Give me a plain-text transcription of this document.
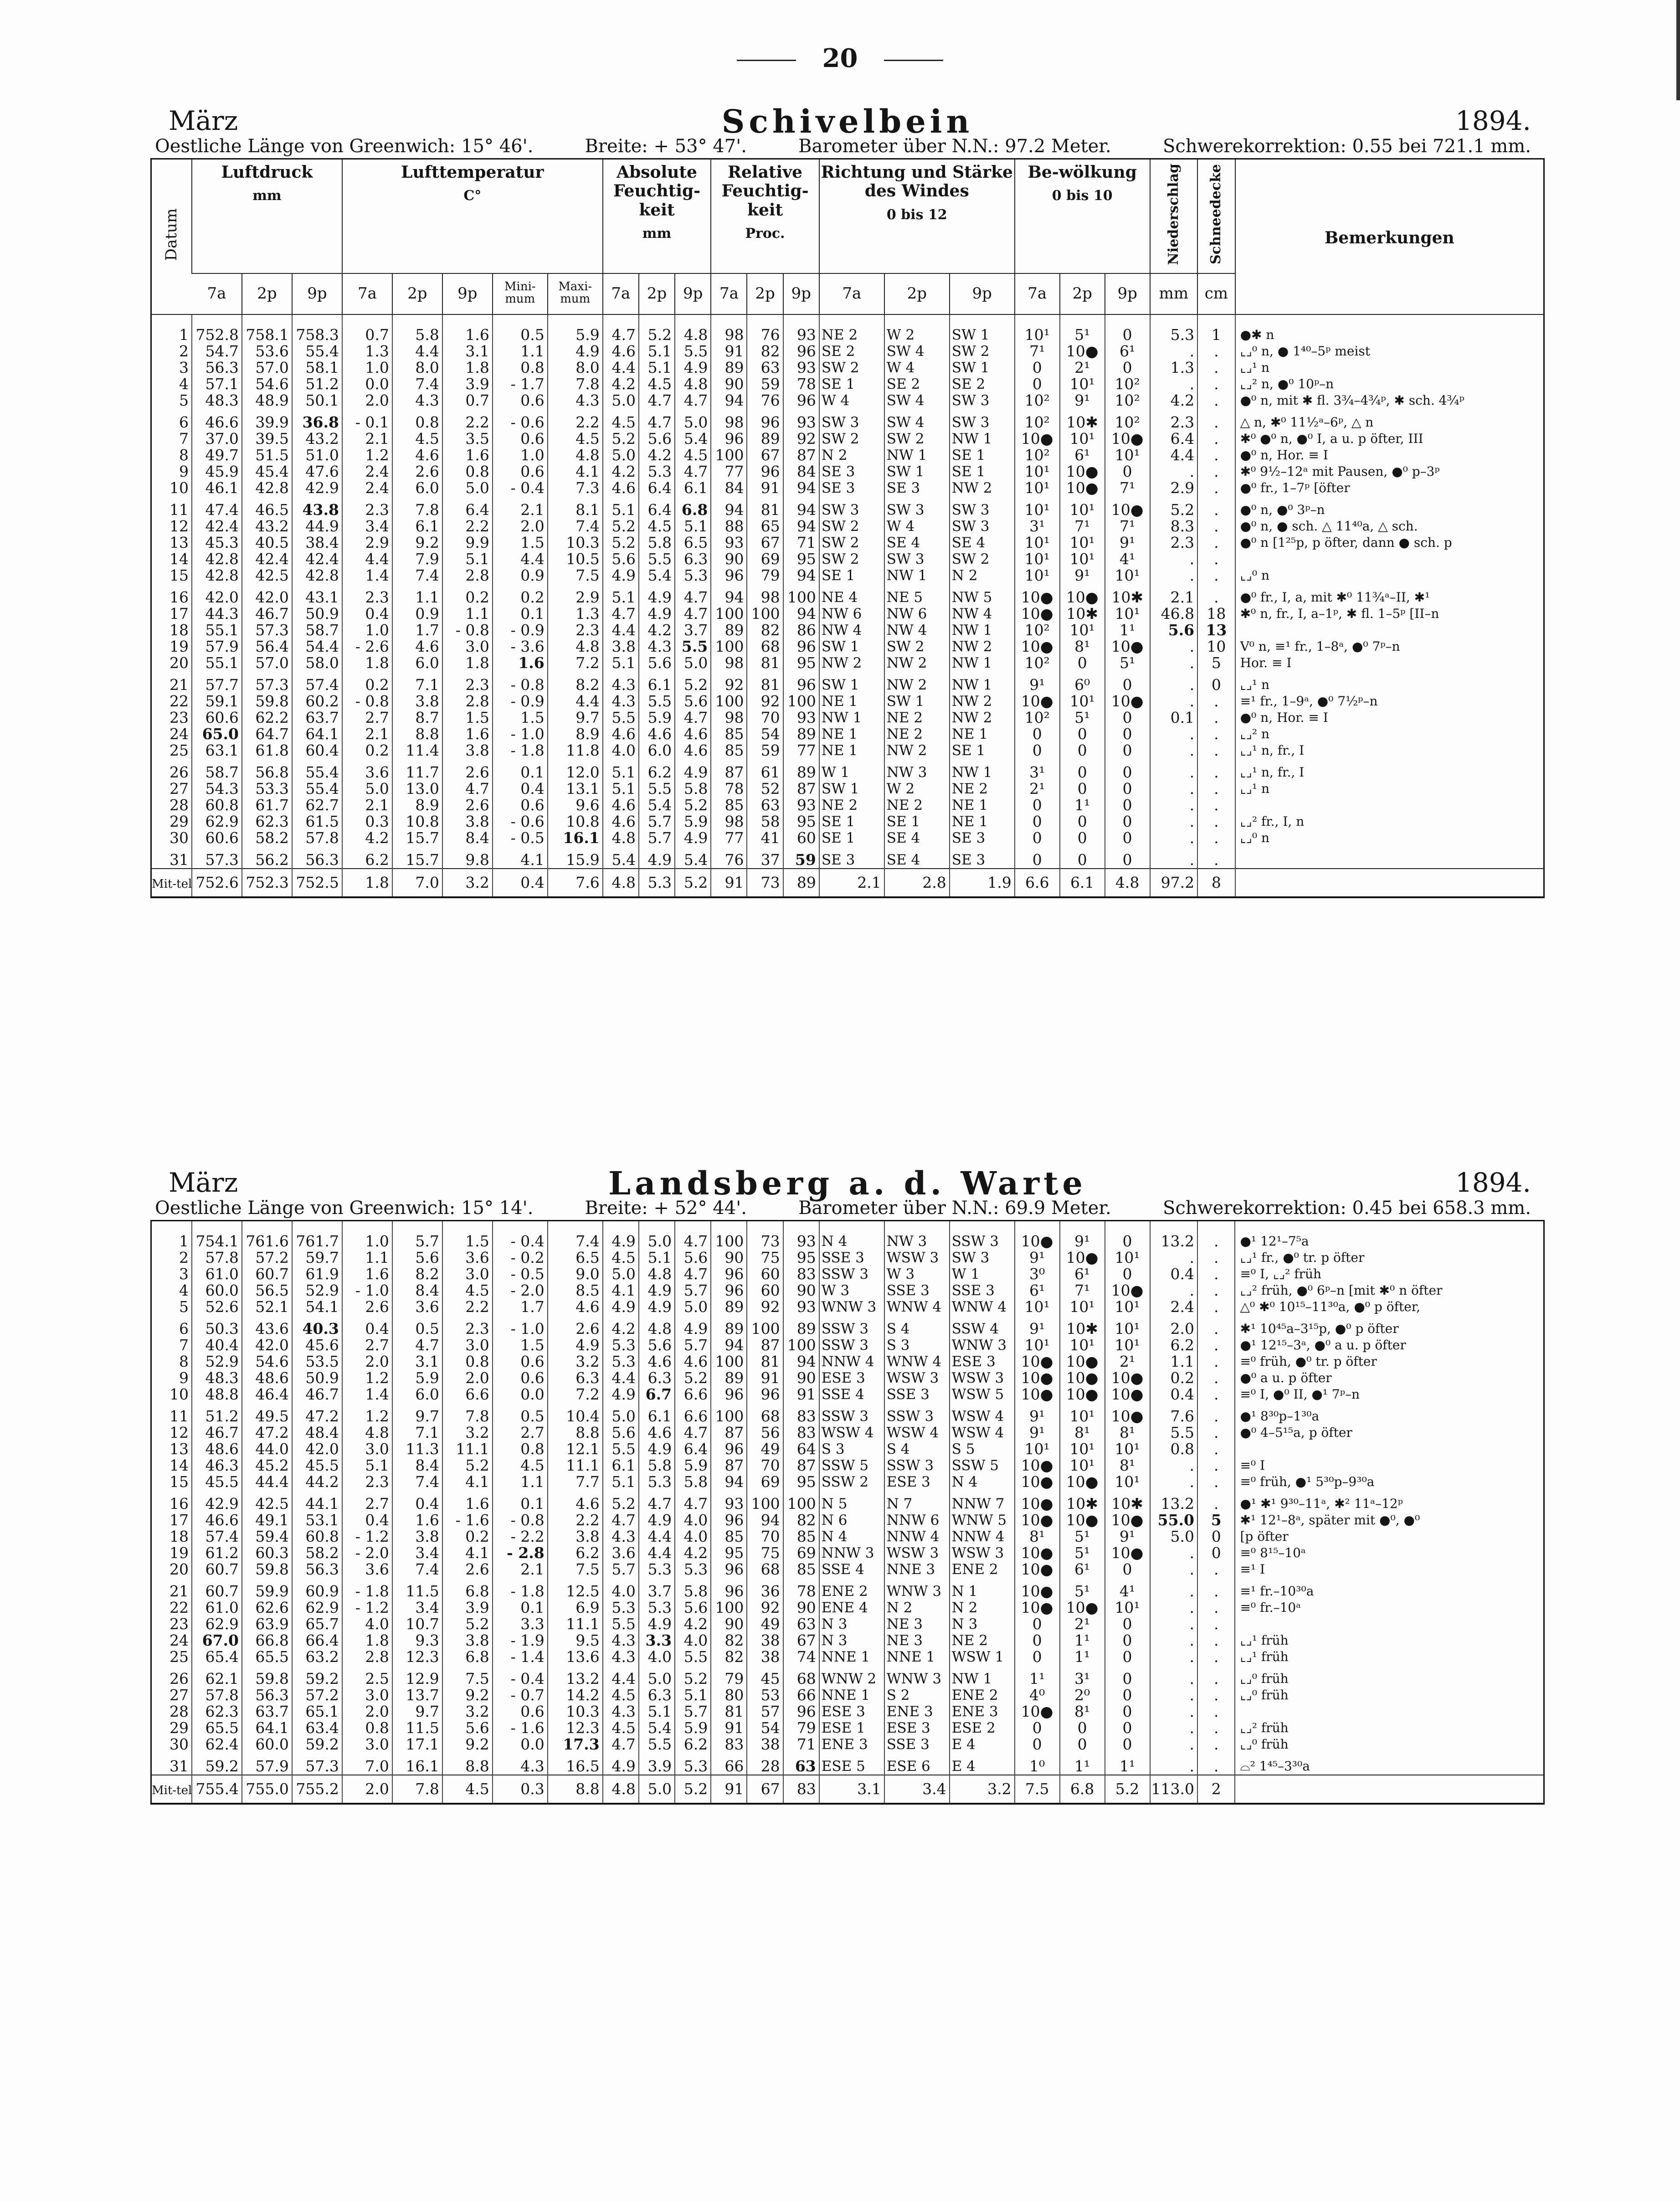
20
März	Schivelbein	1894.
Oestliche Länge von Greenwich: 15° 46'.	Breite: + 53° 47'.	Barometer über N.N.: 97.2 Meter.	Schwerekorrektion: 0.55 bei 721.1 mm.
Datum	Luftdruck
mm			Lufttemperatur
C°					Absolute Feuchtig-keit
mm			Relative Feuchtig-keit
Proc.			Richtung und Stärke des Windes
0 bis 12			Be-wölkung
0 bis 10			Niederschlag	Schneedecke	Bemerkungen
	7a	2p	9p	7a	2p	9p	Mini-mum	Maxi-mum	7a	2p	9p	7a	2p	9p	7a	2p	9p	7a	2p	9p	mm	cm	
1	752.8	758.1	758.3	0.7	5.8	1.6	0.5	5.9	4.7	5.2	4.8	98	76	93	NE 2	W 2	SW 1	10¹	5¹	0	5.3	1	●✱ n
2	54.7	53.6	55.4	1.3	4.4	3.1	1.1	4.9	4.6	5.1	5.5	91	82	96	SE 2	SW 4	SW 2	7¹	10●	6¹	.	.	⌞⌟⁰ n, ● 1⁴⁰–5ᵖ meist
3	56.3	57.0	58.1	1.0	8.0	1.8	0.8	8.0	4.4	5.1	4.9	89	63	93	SW 2	W 4	SW 1	0	2¹	0	1.3	.	⌞⌟¹ n
4	57.1	54.6	51.2	0.0	7.4	3.9	- 1.7	7.8	4.2	4.5	4.8	90	59	78	SE 1	SE 2	SE 2	0	10¹	10²	.	.	⌞⌟² n, ●⁰ 10ᵖ–n
5	48.3	48.9	50.1	2.0	4.3	0.7	0.6	4.3	5.0	4.7	4.7	94	76	96	W 4	SW 4	SW 3	10²	9¹	10²	4.2	.	●⁰ n, mit ✱ fl. 3¾–4¾ᵖ, ✱ sch. 4¾ᵖ

6	46.6	39.9	36.8	- 0.1	0.8	2.2	- 0.6	2.2	4.5	4.7	5.0	98	96	93	SW 3	SW 4	SW 3	10²	10✱	10²	2.3	.	△ n, ✱⁰ 11½ᵃ–6ᵖ, △ n
7	37.0	39.5	43.2	2.1	4.5	3.5	0.6	4.5	5.2	5.6	5.4	96	89	92	SW 2	SW 2	NW 1	10●	10¹	10●	6.4	.	✱⁰ ●⁰ n, ●⁰ I, a u. p öfter, III
8	49.7	51.5	51.0	1.2	4.6	1.6	1.0	4.8	5.0	4.2	4.5	100	67	87	N 2	NW 1	SE 1	10²	6¹	10¹	4.4	.	●⁰ n, Hor. ≡ I
9	45.9	45.4	47.6	2.4	2.6	0.8	0.6	4.1	4.2	5.3	4.7	77	96	84	SE 3	SW 1	SE 1	10¹	10●	0	.	.	✱⁰ 9½–12ᵃ mit Pausen, ●⁰ p–3ᵖ
10	46.1	42.8	42.9	2.4	6.0	5.0	- 0.4	7.3	4.6	6.4	6.1	84	91	94	SE 3	SE 3	NW 2	10¹	10●	7¹	2.9	.	●⁰ fr., 1–7ᵖ [öfter

11	47.4	46.5	43.8	2.3	7.8	6.4	2.1	8.1	5.1	6.4	6.8	94	81	94	SW 3	SW 3	SW 3	10¹	10¹	10●	5.2	.	●⁰ n, ●⁰ 3ᵖ–n
12	42.4	43.2	44.9	3.4	6.1	2.2	2.0	7.4	5.2	4.5	5.1	88	65	94	SW 2	W 4	SW 3	3¹	7¹	7¹	8.3	.	●⁰ n, ● sch. △ 11⁴⁰a, △ sch.
13	45.3	40.5	38.4	2.9	9.2	9.9	1.5	10.3	5.2	5.8	6.5	93	67	71	SW 2	SE 4	SE 4	10¹	10¹	9¹	2.3	.	●⁰ n [1²⁵p, p öfter, dann ● sch. p
14	42.8	42.4	42.4	4.4	7.9	5.1	4.4	10.5	5.6	5.5	6.3	90	69	95	SW 2	SW 3	SW 2	10¹	10¹	4¹	.	.	
15	42.8	42.5	42.8	1.4	7.4	2.8	0.9	7.5	4.9	5.4	5.3	96	79	94	SE 1	NW 1	N 2	10¹	9¹	10¹	.	.	⌞⌟⁰ n

16	42.0	42.0	43.1	2.3	1.1	0.2	0.2	2.9	5.1	4.9	4.7	94	98	100	NE 4	NE 5	NW 5	10●	10●	10✱	2.1	.	●⁰ fr., I, a, mit ✱⁰ 11¾ᵃ–II, ✱¹
17	44.3	46.7	50.9	0.4	0.9	1.1	0.1	1.3	4.7	4.9	4.7	100	100	94	NW 6	NW 6	NW 4	10●	10✱	10¹	46.8	18	✱⁰ n, fr., I, a–1ᵖ, ✱ fl. 1–5ᵖ [II–n
18	55.1	57.3	58.7	1.0	1.7	- 0.8	- 0.9	2.3	4.4	4.2	3.7	89	82	86	NW 4	NW 4	NW 1	10²	10¹	1¹	5.6	13	
19	57.9	56.4	54.4	- 2.6	4.6	3.0	- 3.6	4.8	3.8	4.3	5.5	100	68	96	SW 1	SW 2	NW 2	10●	8¹	10●	.	10	V⁰ n, ≡¹ fr., 1–8ᵃ, ●⁰ 7ᵖ–n
20	55.1	57.0	58.0	1.8	6.0	1.8	1.6	7.2	5.1	5.6	5.0	98	81	95	NW 2	NW 2	NW 1	10²	0	5¹	.	5	Hor. ≡ I

21	57.7	57.3	57.4	0.2	7.1	2.3	- 0.8	8.2	4.3	6.1	5.2	92	81	96	SW 1	NW 2	NW 1	9¹	6⁰	0	.	0	⌞⌟¹ n
22	59.1	59.8	60.2	- 0.8	3.8	2.8	- 0.9	4.4	4.3	5.5	5.6	100	92	100	NE 1	SW 1	NW 2	10●	10¹	10●	.	.	≡¹ fr., 1–9ᵃ, ●⁰ 7½ᵖ–n
23	60.6	62.2	63.7	2.7	8.7	1.5	1.5	9.7	5.5	5.9	4.7	98	70	93	NW 1	NE 2	NW 2	10²	5¹	0	0.1	.	●⁰ n, Hor. ≡ I
24	65.0	64.7	64.1	2.1	8.8	1.6	- 1.0	8.9	4.6	4.6	4.6	85	54	89	NE 1	NE 2	NE 1	0	0	0	.	.	⌞⌟² n
25	63.1	61.8	60.4	0.2	11.4	3.8	- 1.8	11.8	4.0	6.0	4.6	85	59	77	NE 1	NW 2	SE 1	0	0	0	.	.	⌞⌟¹ n, fr., I

26	58.7	56.8	55.4	3.6	11.7	2.6	0.1	12.0	5.1	6.2	4.9	87	61	89	W 1	NW 3	NW 1	3¹	0	0	.	.	⌞⌟¹ n, fr., I
27	54.3	53.3	55.4	5.0	13.0	4.7	0.4	13.1	5.1	5.5	5.8	78	52	87	SW 1	W 2	NE 2	2¹	0	0	.	.	⌞⌟¹ n
28	60.8	61.7	62.7	2.1	8.9	2.6	0.6	9.6	4.6	5.4	5.2	85	63	93	NE 2	NE 2	NE 1	0	1¹	0	.	.	
29	62.9	62.3	61.5	0.3	10.8	3.8	- 0.6	10.8	4.6	5.7	5.9	98	58	95	SE 1	SE 1	NE 1	0	0	0	.	.	⌞⌟² fr., I, n
30	60.6	58.2	57.8	4.2	15.7	8.4	- 0.5	16.1	4.8	5.7	4.9	77	41	60	SE 1	SE 4	SE 3	0	0	0	.	.	⌞⌟⁰ n

31	57.3	56.2	56.3	6.2	15.7	9.8	4.1	15.9	5.4	4.9	5.4	76	37	59	SE 3	SE 4	SE 3	0	0	0	.	.	
Mit-tel	752.6	752.3	752.5	1.8	7.0	3.2	0.4	7.6	4.8	5.3	5.2	91	73	89	2.1	2.8	1.9	6.6	6.1	4.8	97.2	8	
März	Landsberg a. d. Warte	1894.
Oestliche Länge von Greenwich: 15° 14'.	Breite: + 52° 44'.	Barometer über N.N.: 69.9 Meter.	Schwerekorrektion: 0.45 bei 658.3 mm.
1	754.1	761.6	761.7	1.0	5.7	1.5	- 0.4	7.4	4.9	5.0	4.7	100	73	93	N 4	NW 3	SSW 3	10●	9¹	0	13.2	.	●¹ 12¹–7⁵a
2	57.8	57.2	59.7	1.1	5.6	3.6	- 0.2	6.5	4.5	5.1	5.6	90	75	95	SSE 3	WSW 3	SW 3	9¹	10●	10¹	.	.	⌞⌟¹ fr., ●⁰ tr. p öfter
3	61.0	60.7	61.9	1.6	8.2	3.0	- 0.5	9.0	5.0	4.8	4.7	96	60	83	SSW 3	W 3	W 1	3⁰	6¹	0	0.4	.	≡⁰ I, ⌞⌟² früh
4	60.0	56.5	52.9	- 1.0	8.4	4.5	- 2.0	8.5	4.1	4.9	5.7	96	60	90	W 3	SSE 3	SSE 3	6¹	7¹	10●	.	.	⌞⌟² früh, ●⁰ 6ᵖ–n [mit ✱⁰ n öfter
5	52.6	52.1	54.1	2.6	3.6	2.2	1.7	4.6	4.9	4.9	5.0	89	92	93	WNW 3	WNW 4	WNW 4	10¹	10¹	10¹	2.4	.	△⁰ ✱⁰ 10¹⁵–11³⁰a, ●⁰ p öfter,

6	50.3	43.6	40.3	0.4	0.5	2.3	- 1.0	2.6	4.2	4.8	4.9	89	100	89	SSW 3	S 4	SSW 4	9¹	10✱	10¹	2.0	.	✱¹ 10⁴⁵a–3¹⁵p, ●⁰ p öfter
7	40.4	42.0	45.6	2.7	4.7	3.0	1.5	4.9	5.3	5.6	5.7	94	87	100	SSW 3	S 3	WNW 3	10¹	10¹	10¹	6.2	.	●¹ 12¹⁵–3ᵃ, ●⁰ a u. p öfter
8	52.9	54.6	53.5	2.0	3.1	0.8	0.6	3.2	5.3	4.6	4.6	100	81	94	NNW 4	WNW 4	ESE 3	10●	10●	2¹	1.1	.	≡⁰ früh, ●⁰ tr. p öfter
9	48.3	48.6	50.9	1.2	5.9	2.0	0.6	6.3	4.4	6.3	5.2	89	91	90	ESE 3	WSW 3	WSW 3	10●	10●	10●	0.2	.	●⁰ a u. p öfter
10	48.8	46.4	46.7	1.4	6.0	6.6	0.0	7.2	4.9	6.7	6.6	96	96	91	SSE 4	SSE 3	WSW 5	10●	10●	10●	0.4	.	≡⁰ I, ●⁰ II, ●¹ 7ᵖ–n

11	51.2	49.5	47.2	1.2	9.7	7.8	0.5	10.4	5.0	6.1	6.6	100	68	83	SSW 3	SSW 3	WSW 4	9¹	10¹	10●	7.6	.	●¹ 8³⁰p–1³⁰a
12	46.7	47.2	48.4	4.8	7.1	3.2	2.7	8.8	5.6	4.6	4.7	87	56	83	WSW 4	WSW 4	WSW 4	9¹	8¹	8¹	5.5	.	●⁰ 4–5¹⁵a, p öfter
13	48.6	44.0	42.0	3.0	11.3	11.1	0.8	12.1	5.5	4.9	6.4	96	49	64	S 3	S 4	S 5	10¹	10¹	10¹	0.8	.	
14	46.3	45.2	45.5	5.1	8.4	5.2	4.5	11.1	6.1	5.8	5.9	87	70	87	SSW 5	SSW 3	SSW 5	10●	10¹	8¹	.	.	≡⁰ I
15	45.5	44.4	44.2	2.3	7.4	4.1	1.1	7.7	5.1	5.3	5.8	94	69	95	SSW 2	ESE 3	N 4	10●	10●	10¹	.	.	≡⁰ früh, ●¹ 5³⁰p–9³⁰a

16	42.9	42.5	44.1	2.7	0.4	1.6	0.1	4.6	5.2	4.7	4.7	93	100	100	N 5	N 7	NNW 7	10●	10✱	10✱	13.2	.	●¹ ✱¹ 9³⁰–11ᵃ, ✱² 11ᵃ–12ᵖ
17	46.6	49.1	53.1	0.4	1.6	- 1.6	- 0.8	2.2	4.7	4.9	4.0	96	94	82	N 6	NNW 6	WNW 5	10●	10●	10●	55.0	5	✱¹ 12¹–8ᵃ, später mit ●⁰, ●⁰
18	57.4	59.4	60.8	- 1.2	3.8	0.2	- 2.2	3.8	4.3	4.4	4.0	85	70	85	N 4	NNW 4	NNW 4	8¹	5¹	9¹	5.0	0	[p öfter
19	61.2	60.3	58.2	- 2.0	3.4	4.1	- 2.8	6.2	3.6	4.4	4.2	95	75	69	NNW 3	WSW 3	WSW 3	10●	5¹	10●	.	0	≡⁰ 8¹⁵–10ᵃ
20	60.7	59.8	56.3	3.6	7.4	2.6	2.1	7.5	5.7	5.3	5.3	96	68	85	SSE 4	NNE 3	ENE 2	10●	6¹	0	.	.	≡¹ I

21	60.7	59.9	60.9	- 1.8	11.5	6.8	- 1.8	12.5	4.0	3.7	5.8	96	36	78	ENE 2	WNW 3	N 1	10●	5¹	4¹	.	.	≡¹ fr.–10³⁰a
22	61.0	62.6	62.9	- 1.2	3.4	3.9	0.1	6.9	5.3	5.3	5.6	100	92	90	ENE 4	N 2	N 2	10●	10●	10¹	.	.	≡⁰ fr.–10ᵃ
23	62.9	63.9	65.7	4.0	10.7	5.2	3.3	11.1	5.5	4.9	4.2	90	49	63	N 3	NE 3	N 3	0	2¹	0	.	.	
24	67.0	66.8	66.4	1.8	9.3	3.8	- 1.9	9.5	4.3	3.3	4.0	82	38	67	N 3	NE 3	NE 2	0	1¹	0	.	.	⌞⌟¹ früh
25	65.4	65.5	63.2	2.8	12.3	6.8	- 1.4	13.6	4.3	4.0	5.5	82	38	74	NNE 1	NNE 1	WSW 1	0	1¹	0	.	.	⌞⌟¹ früh

26	62.1	59.8	59.2	2.5	12.9	7.5	- 0.4	13.2	4.4	5.0	5.2	79	45	68	WNW 2	WNW 3	NW 1	1¹	3¹	0	.	.	⌞⌟⁰ früh
27	57.8	56.3	57.2	3.0	13.7	9.2	- 0.7	14.2	4.5	6.3	5.1	80	53	66	NNE 1	S 2	ENE 2	4⁰	2⁰	0	.	.	⌞⌟⁰ früh
28	62.3	63.7	65.1	2.0	9.7	3.2	0.6	10.3	4.3	5.1	5.7	81	57	96	ESE 3	ENE 3	ENE 3	10●	8¹	0	.	.	
29	65.5	64.1	63.4	0.8	11.5	5.6	- 1.6	12.3	4.5	5.4	5.9	91	54	79	ESE 1	ESE 3	ESE 2	0	0	0	.	.	⌞⌟² früh
30	62.4	60.0	59.2	3.0	17.1	9.2	0.0	17.3	4.7	5.5	6.2	83	38	71	ENE 3	SSE 3	E 4	0	0	0	.	.	⌞⌟⁰ früh

31	59.2	57.9	57.3	7.0	16.1	8.8	4.3	16.5	4.9	3.9	5.3	66	28	63	ESE 5	ESE 6	E 4	1⁰	1¹	1¹	.	.	⌓² 1⁴⁵–3³⁰a
Mit-tel	755.4	755.0	755.2	2.0	7.8	4.5	0.3	8.8	4.8	5.0	5.2	91	67	83	3.1	3.4	3.2	7.5	6.8	5.2	113.0	2	
